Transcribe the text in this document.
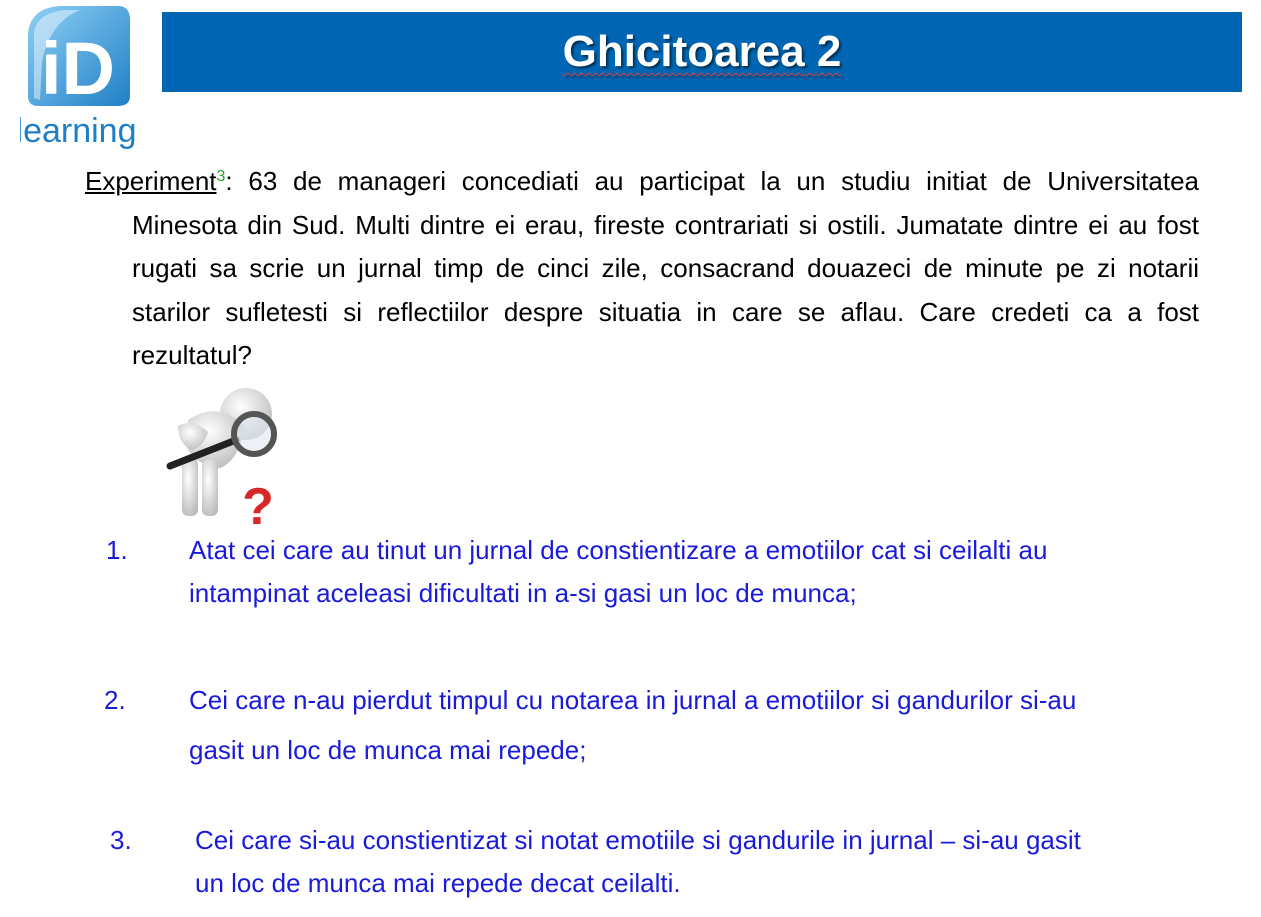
iD
learning
Ghicitoarea 2
Experiment$^3$: 63 de manageri concediati au participat la un studiu initiat de Universitatea Minesota din Sud. Multi dintre ei erau, fireste contrariati si ostili. Jumatate dintre ei au fost rugati sa scrie un jurnal timp de cinci zile, consacrand douazeci de minute pe zi notarii starilor sufletesti si reflectiilor despre situatia in care se aflau. Care credeti ca a fost rezultatul?
?
1. Atat cei care au tinut un jurnal de constientizare a emotiilor cat si ceilalti au
intampinat aceleasi dificultati in a-si gasi un loc de munca;
2. Cei care n-au pierdut timpul cu notarea in jurnal a emotiilor si gandurilor si-au
gasit un loc de munca mai repede;
3. Cei care si-au constientizat si notat emotiile si gandurile in jurnal – si-au gasit
un loc de munca mai repede decat ceilalti.
